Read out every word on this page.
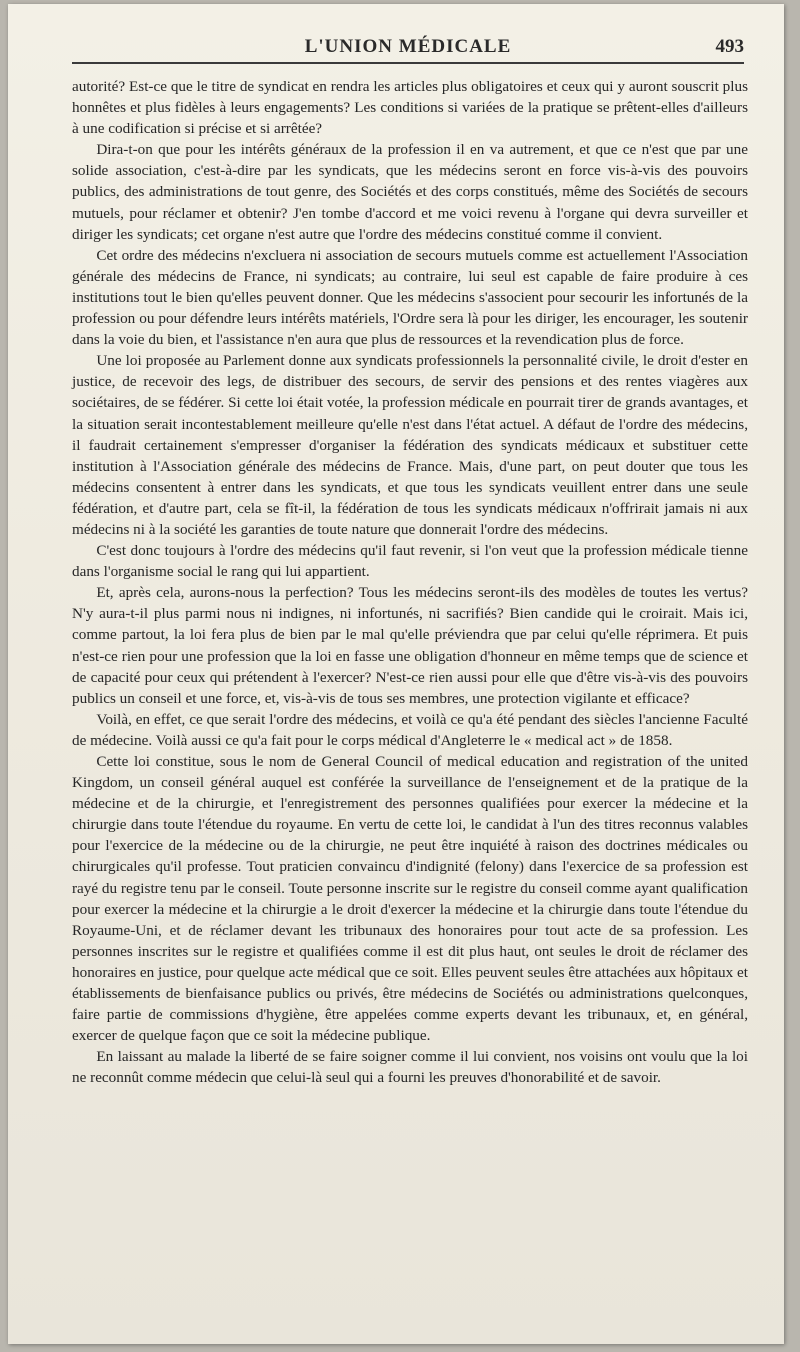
L'UNION MÉDICALE	493

autorité? Est-ce que le titre de syndicat en rendra les articles plus obligatoires et ceux qui y auront souscrit plus honnêtes et plus fidèles à leurs engagements? Les conditions si variées de la pratique se prêtent-elles d'ailleurs à une codification si précise et si arrêtée?

Dira-t-on que pour les intérêts généraux de la profession il en va autrement, et que ce n'est que par une solide association, c'est-à-dire par les syndicats, que les médecins seront en force vis-à-vis des pouvoirs publics, des administrations de tout genre, des Sociétés et des corps constitués, même des Sociétés de secours mutuels, pour réclamer et obtenir? J'en tombe d'accord et me voici revenu à l'organe qui devra surveiller et diriger les syndicats; cet organe n'est autre que l'ordre des médecins constitué comme il convient.

Cet ordre des médecins n'excluera ni association de secours mutuels comme est actuellement l'Association générale des médecins de France, ni syndicats; au contraire, lui seul est capable de faire produire à ces institutions tout le bien qu'elles peuvent donner. Que les médecins s'associent pour secourir les infortunés de la profession ou pour défendre leurs intérêts matériels, l'Ordre sera là pour les diriger, les encourager, les soutenir dans la voie du bien, et l'assistance n'en aura que plus de ressources et la revendication plus de force.

Une loi proposée au Parlement donne aux syndicats professionnels la personnalité civile, le droit d'ester en justice, de recevoir des legs, de distribuer des secours, de servir des pensions et des rentes viagères aux sociétaires, de se fédérer. Si cette loi était votée, la profession médicale en pourrait tirer de grands avantages, et la situation serait incontestablement meilleure qu'elle n'est dans l'état actuel. A défaut de l'ordre des médecins, il faudrait certainement s'empresser d'organiser la fédération des syndicats médicaux et substituer cette institution à l'Association générale des médecins de France. Mais, d'une part, on peut douter que tous les médecins consentent à entrer dans les syndicats, et que tous les syndicats veuillent entrer dans une seule fédération, et d'autre part, cela se fît-il, la fédération de tous les syndicats médicaux n'offrirait jamais ni aux médecins ni à la société les garanties de toute nature que donnerait l'ordre des médecins.

C'est donc toujours à l'ordre des médecins qu'il faut revenir, si l'on veut que la profession médicale tienne dans l'organisme social le rang qui lui appartient.

Et, après cela, aurons-nous la perfection? Tous les médecins seront-ils des modèles de toutes les vertus? N'y aura-t-il plus parmi nous ni indignes, ni infortunés, ni sacrifiés? Bien candide qui le croirait. Mais ici, comme partout, la loi fera plus de bien par le mal qu'elle préviendra que par celui qu'elle réprimera. Et puis n'est-ce rien pour une profession que la loi en fasse une obligation d'honneur en même temps que de science et de capacité pour ceux qui prétendent à l'exercer? N'est-ce rien aussi pour elle que d'être vis-à-vis des pouvoirs publics un conseil et une force, et, vis-à-vis de tous ses membres, une protection vigilante et efficace?

Voilà, en effet, ce que serait l'ordre des médecins, et voilà ce qu'a été pendant des siècles l'ancienne Faculté de médecine. Voilà aussi ce qu'a fait pour le corps médical d'Angleterre le « medical act » de 1858.

Cette loi constitue, sous le nom de General Council of medical education and registration of the united Kingdom, un conseil général auquel est conférée la surveillance de l'enseignement et de la pratique de la médecine et de la chirurgie, et l'enregistrement des personnes qualifiées pour exercer la médecine et la chirurgie dans toute l'étendue du royaume. En vertu de cette loi, le candidat à l'un des titres reconnus valables pour l'exercice de la médecine ou de la chirurgie, ne peut être inquiété à raison des doctrines médicales ou chirurgicales qu'il professe. Tout praticien convaincu d'indignité (felony) dans l'exercice de sa profession est rayé du registre tenu par le conseil. Toute personne inscrite sur le registre du conseil comme ayant qualification pour exercer la médecine et la chirurgie a le droit d'exercer la médecine et la chirurgie dans toute l'étendue du Royaume-Uni, et de réclamer devant les tribunaux des honoraires pour tout acte de sa profession. Les personnes inscrites sur le registre et qualifiées comme il est dit plus haut, ont seules le droit de réclamer des honoraires en justice, pour quelque acte médical que ce soit. Elles peuvent seules être attachées aux hôpitaux et établissements de bienfaisance publics ou privés, être médecins de Sociétés ou administrations quelconques, faire partie de commissions d'hygiène, être appelées comme experts devant les tribunaux, et, en général, exercer de quelque façon que ce soit la médecine publique.

En laissant au malade la liberté de se faire soigner comme il lui convient, nos voisins ont voulu que la loi ne reconnût comme médecin que celui-là seul qui a fourni les preuves d'honorabilité et de savoir.
